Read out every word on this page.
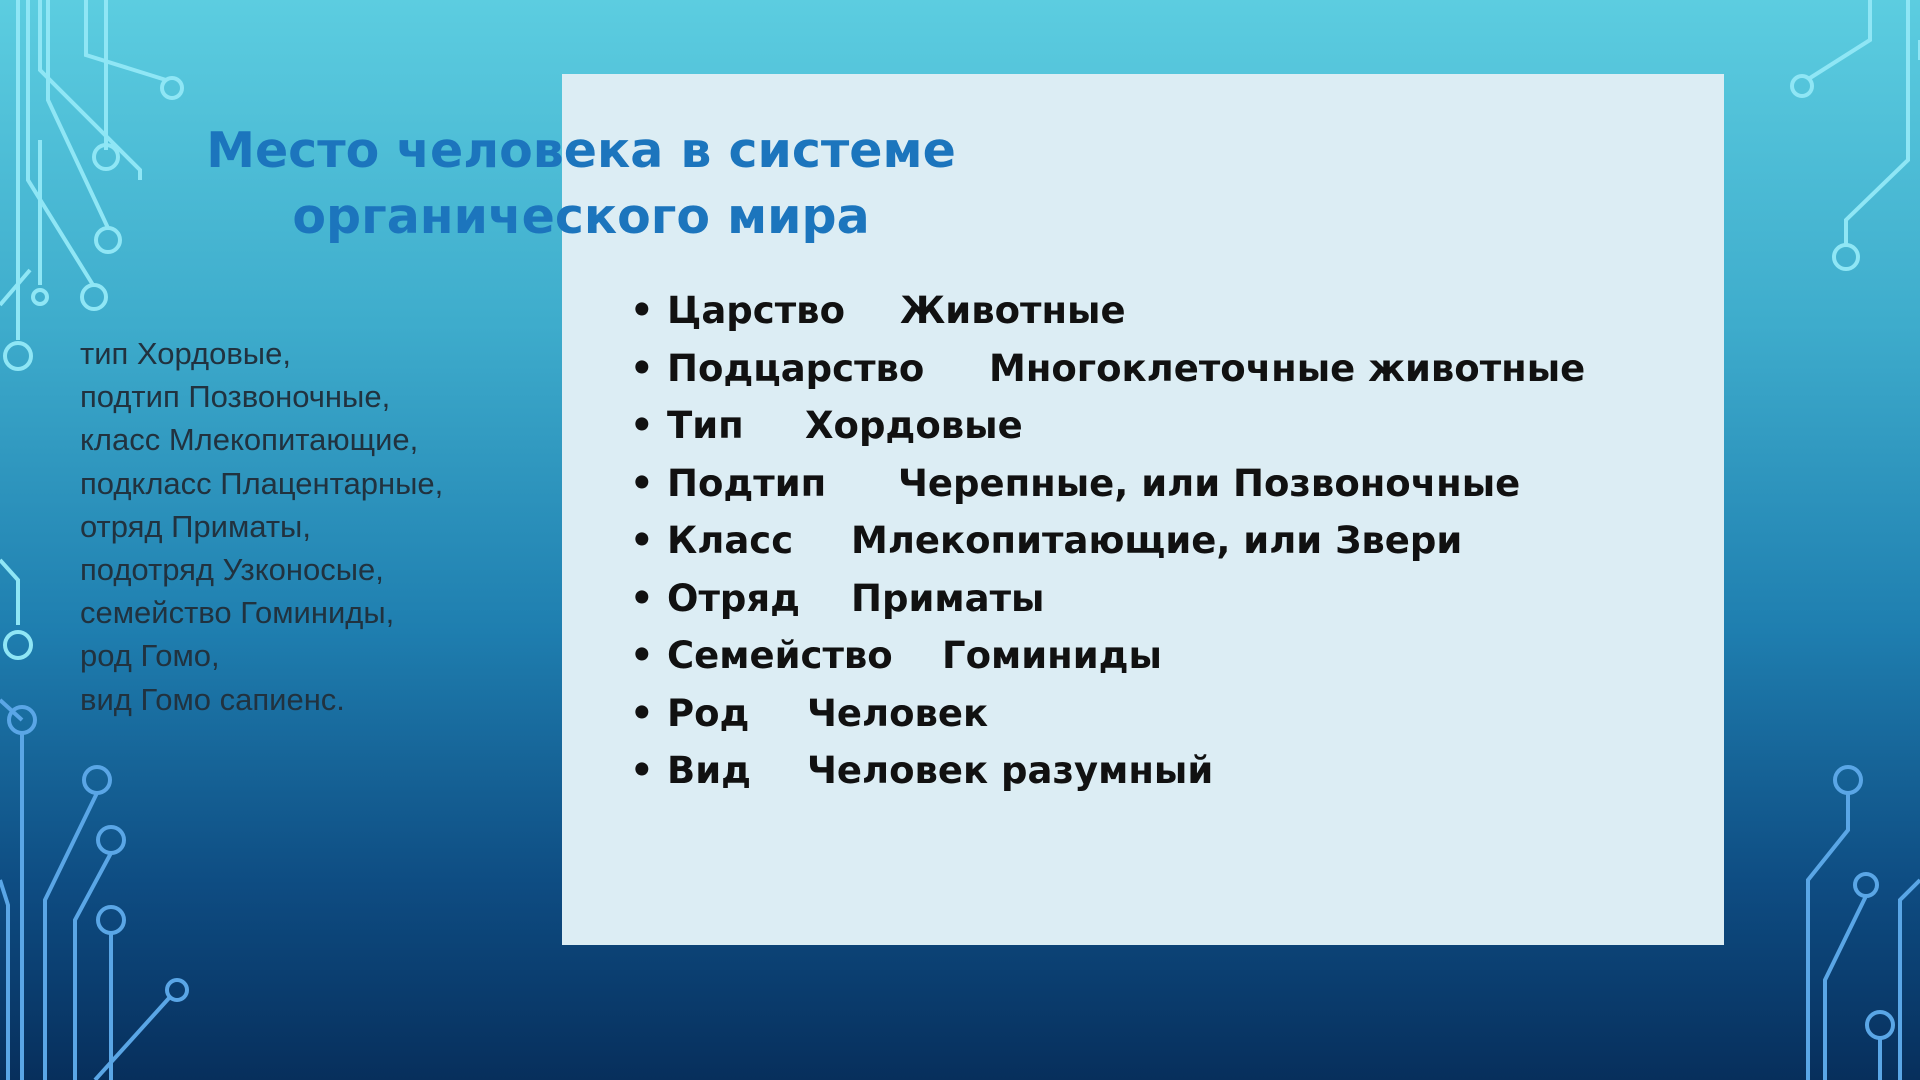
тип Хордовые,
подтип Позвоночные,
класс Млекопитающие,
подкласс Плацентарные,
отряд Приматы,
подотряд Узконосые,
семейство Гоминиды,
род Гомо,
вид Гомо сапиенс.
Место человека в системе
органического мира
• Царство Животные
• Подцарство Многоклеточные животные
• Тип Хордовые
• Подтип Черепные, или Позвоночные
• Класс Млекопитающие, или Звери
• Отряд Приматы
• Семейство Гоминиды
• Род Человек
• Вид Человек разумный
